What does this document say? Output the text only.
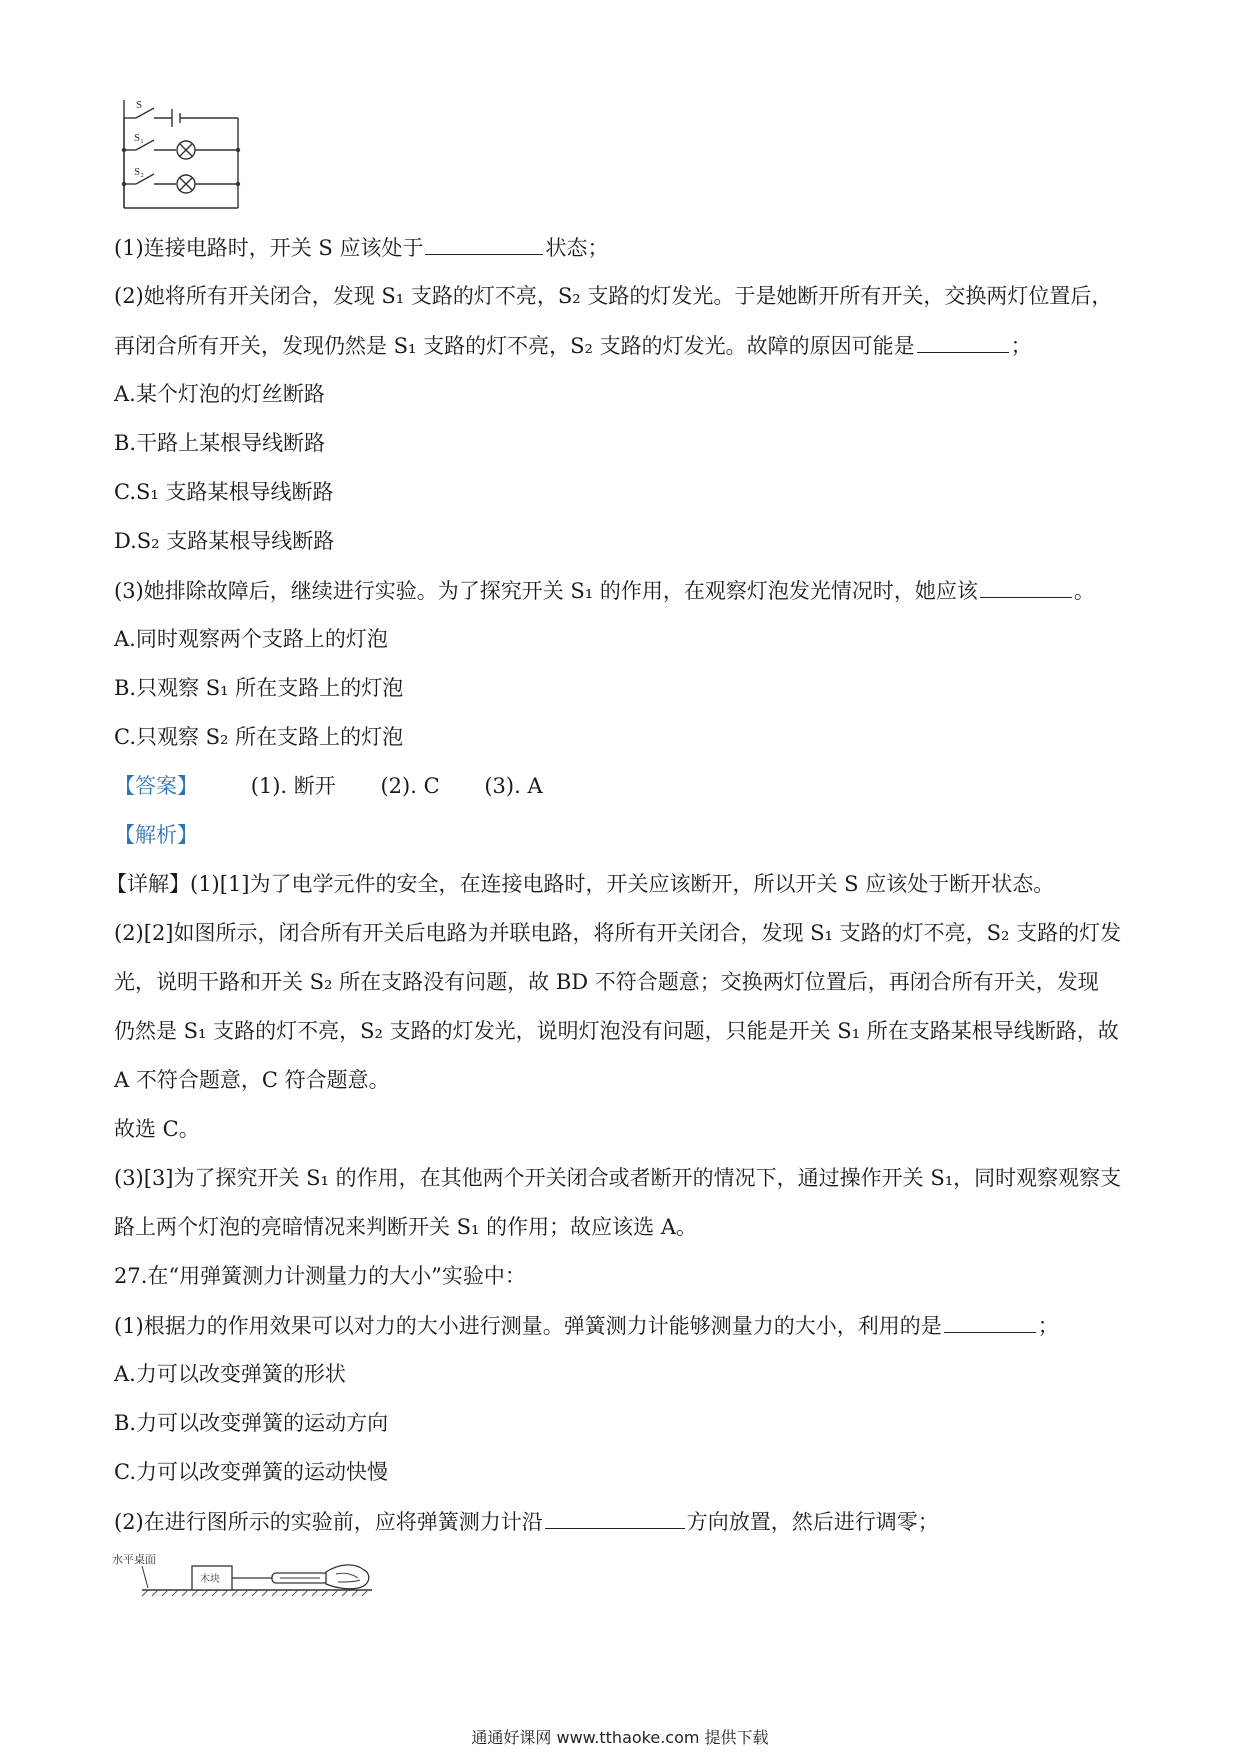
S
S₁
S₂
(1)连接电路时，开关 S 应该处于	状态；
(2)她将所有开关闭合，发现 S₁ 支路的灯不亮，S₂ 支路的灯发光。于是她断开所有开关，交换两灯位置后，
再闭合所有开关，发现仍然是 S₁ 支路的灯不亮，S₂ 支路的灯发光。故障的原因可能是	；
A.某个灯泡的灯丝断路
B.干路上某根导线断路
C.S₁ 支路某根导线断路
D.S₂ 支路某根导线断路
(3)她排除故障后，继续进行实验。为了探究开关 S₁ 的作用，在观察灯泡发光情况时，她应该	。
A.同时观察两个支路上的灯泡
B.只观察 S₁ 所在支路上的灯泡
C.只观察 S₂ 所在支路上的灯泡
【答案】	(1). 断开 (2). C (3). A
【解析】
【详解】(1)[1]为了电学元件的安全，在连接电路时，开关应该断开，所以开关 S 应该处于断开状态。
(2)[2]如图所示，闭合所有开关后电路为并联电路，将所有开关闭合，发现 S₁ 支路的灯不亮，S₂ 支路的灯发
光，说明干路和开关 S₂ 所在支路没有问题，故 BD 不符合题意；交换两灯位置后，再闭合所有开关，发现
仍然是 S₁ 支路的灯不亮，S₂ 支路的灯发光，说明灯泡没有问题，只能是开关 S₁ 所在支路某根导线断路，故
A 不符合题意，C 符合题意。
故选 C。
(3)[3]为了探究开关 S₁ 的作用，在其他两个开关闭合或者断开的情况下，通过操作开关 S₁，同时观察观察支
路上两个灯泡的亮暗情况来判断开关 S₁ 的作用；故应该选 A。
27.在“用弹簧测力计测量力的大小”实验中：
(1)根据力的作用效果可以对力的大小进行测量。弹簧测力计能够测量力的大小，利用的是	；
A.力可以改变弹簧的形状
B.力可以改变弹簧的运动方向
C.力可以改变弹簧的运动快慢
(2)在进行图所示的实验前，应将弹簧测力计沿	方向放置，然后进行调零；
水平桌面
木块
通通好课网 www.tthaoke.com 提供下载
